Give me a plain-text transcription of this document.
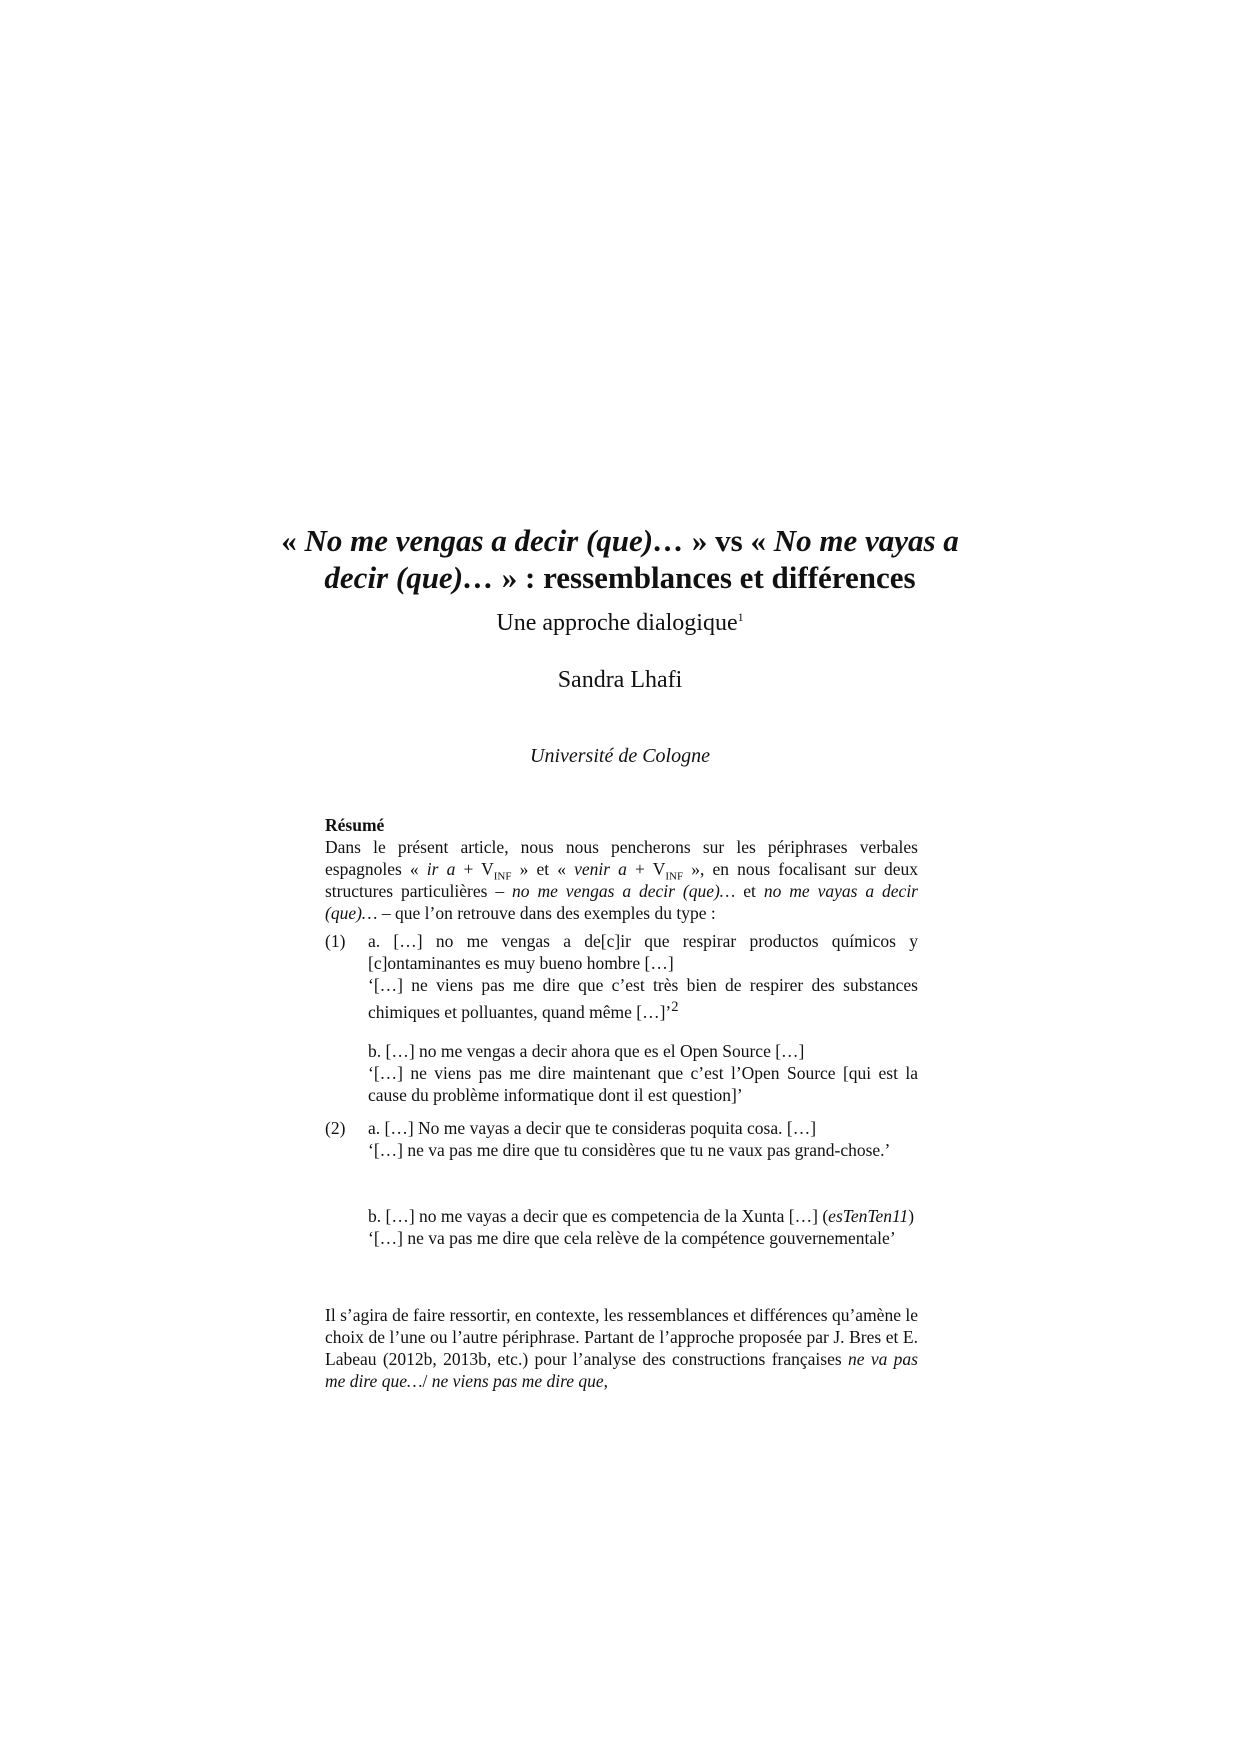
« No me vengas a decir (que)… » vs « No me vayas a decir (que)… » : ressemblances et différences
Une approche dialogique$^1$
Sandra Lhafi
Université de Cologne
Résumé
Dans le présent article, nous nous pencherons sur les périphrases verbales espagnoles « ir $a + V_{INF}$ » et « venir $a + V_{INF}$ », en nous focalisant sur deux structures particulières – no me vengas a decir (que)… et no me vayas a decir (que)… – que l’on retrouve dans des exemples du type :
(1)	a. […] no me vengas a de[c]ir que respirar productos químicos y [c]ontaminantes es muy bueno hombre […]

‘[…] ne viens pas me dire que c’est très bien de respirer des substances chimiques et polluantes, quand même […]’$^2$

b. […] no me vengas a decir ahora que es el Open Source […]

‘[…] ne viens pas me dire maintenant que c’est l’Open Source [qui est la cause du problème informatique dont il est question]’

(2)	a. […] No me vayas a decir que te consideras poquita cosa. […]

‘[…] ne va pas me dire que tu considères que tu ne vaux pas grand-chose.’

b. […] no me vayas a decir que es competencia de la Xunta […] (esTenTen11)

‘[…] ne va pas me dire que cela relève de la compétence gouvernementale’

Il s’agira de faire ressortir, en contexte, les ressemblances et différences qu’amène le choix de l’une ou l’autre périphrase. Partant de l’approche proposée par J. Bres et E. Labeau (2012b, 2013b, etc.) pour l’analyse des constructions françaises ne va pas me dire que…/ ne viens pas me dire que,
